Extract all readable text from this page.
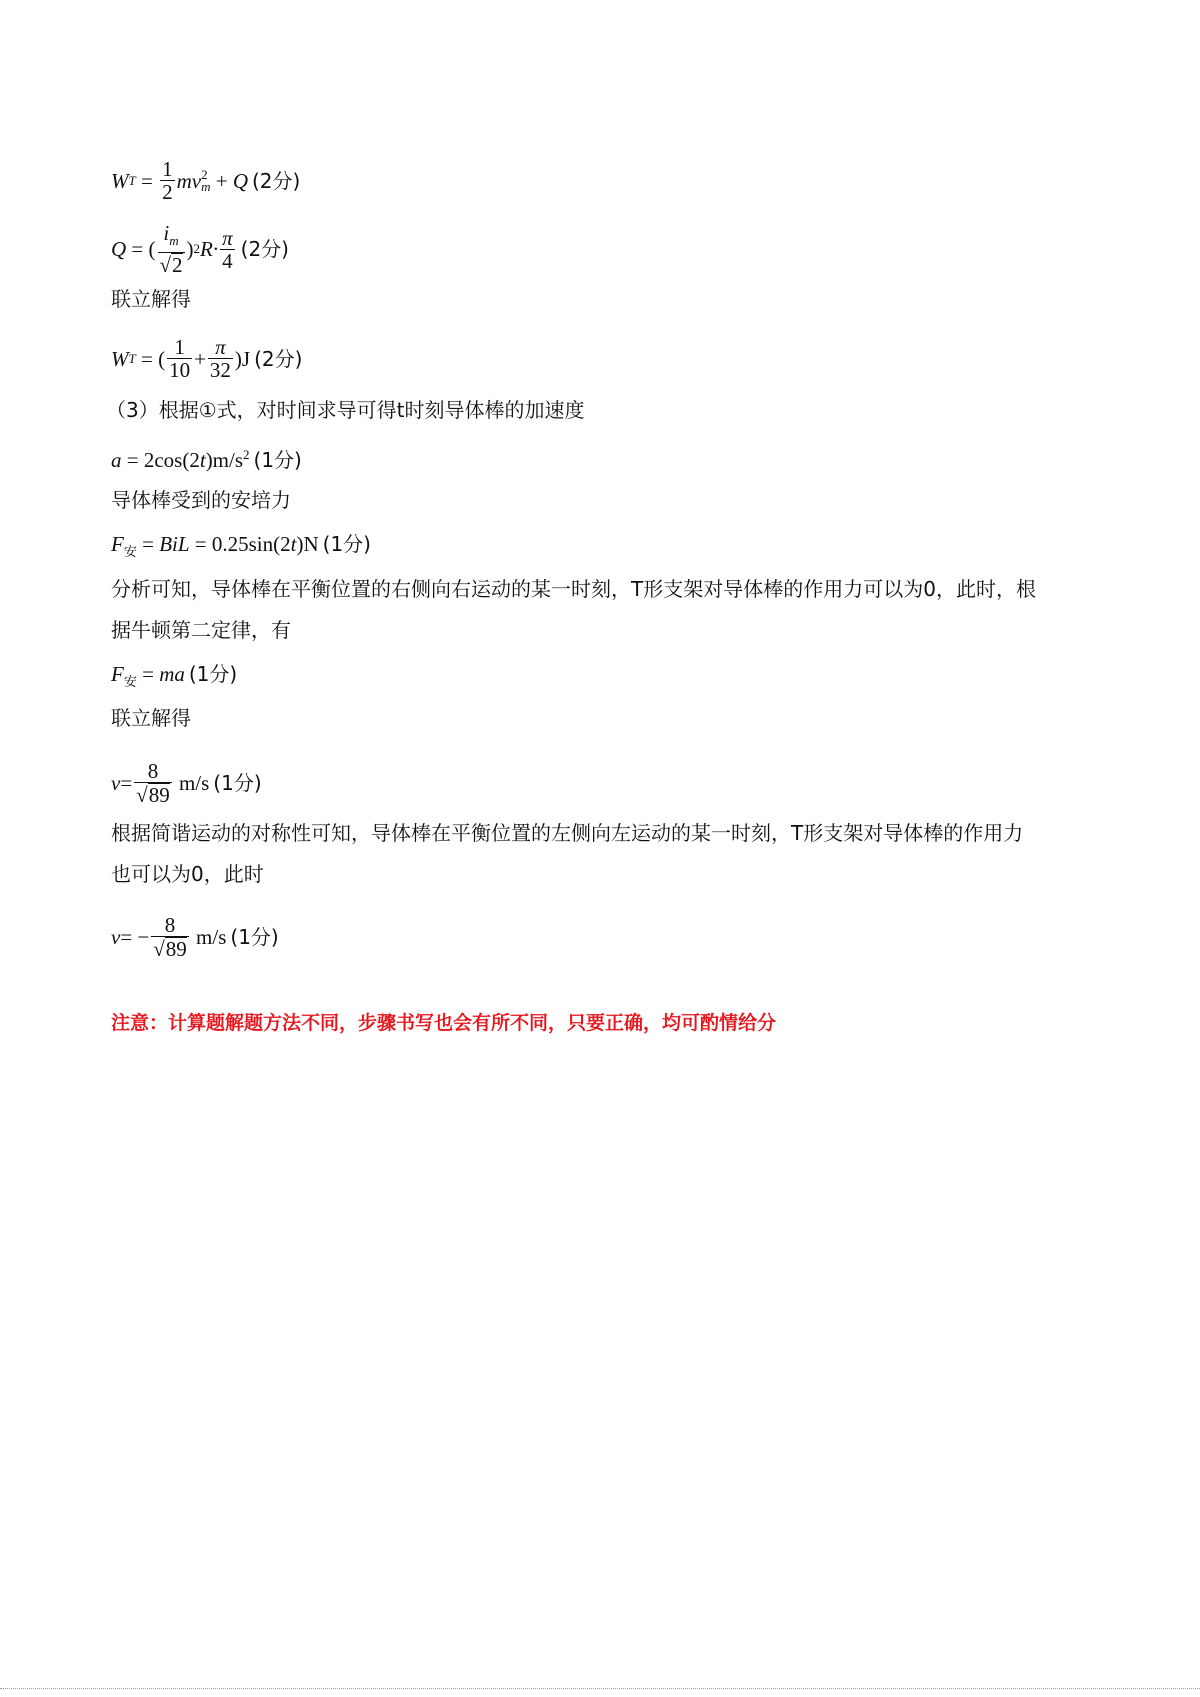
W $T = \frac{1}{2}$ m v 2
m
+
Q (2分)
Q = ( $\frac{i_m}{√2}$ ) 2 $R\cdot \frac{\pi}{4} (2$分)
联立解得
W T = ( $\frac{1}{10} + \frac{\pi}{32} )J$ (2分)
（3）根据①式，对时间求导可得t时刻导体棒的加速度
$a = 2\cos(2t)m/s^2$ (1分)
导体棒受到的安培力
$F_安$ = BiL = 0.25sin(2t)N (1分)
分析可知，导体棒在平衡位置的右侧向右运动的某一时刻，T形支架对导体棒的作用力可以为0，此时，根
据牛顿第二定律，有
$F_安$ = ma (1分)
联立解得
$v = \frac{8}{√89}$
m/s (1分)
根据简谐运动的对称性可知，导体棒在平衡位置的左侧向左运动的某一时刻，T形支架对导体棒的作用力
也可以为0，此时
v = − $\frac{8}{√89}$
m/s (1分)
注意：计算题解题方法不同，步骤书写也会有所不同，只要正确，均可酌情给分
